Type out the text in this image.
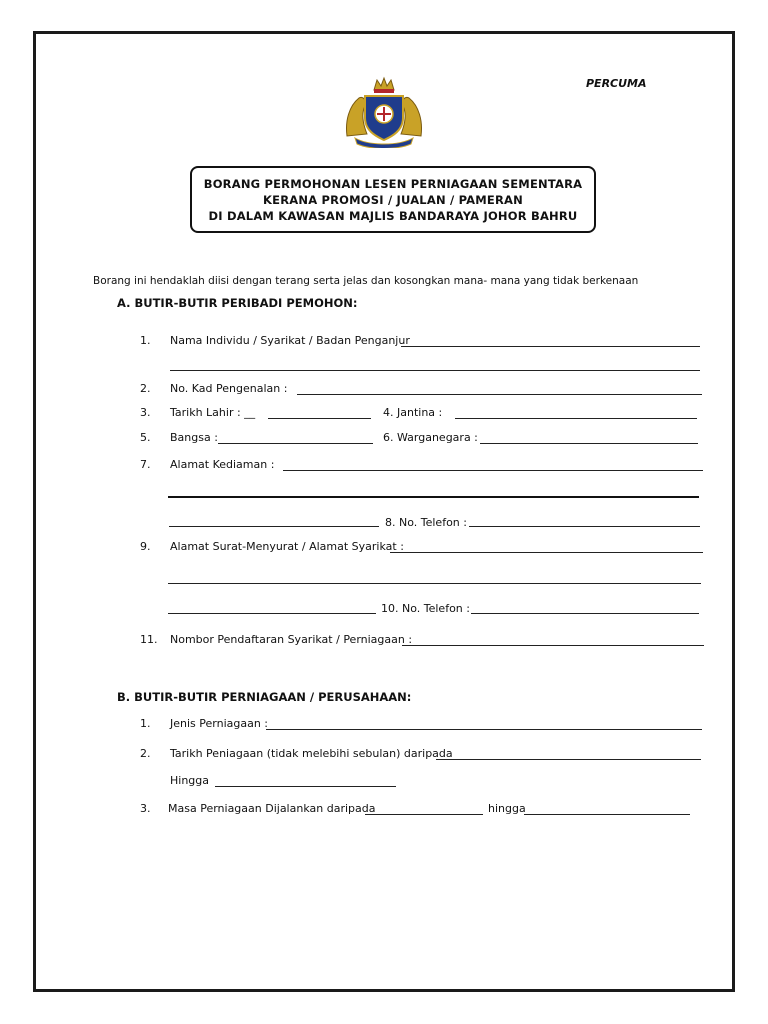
PERCUMA
BORANG PERMOHONAN LESEN PERNIAGAAN SEMENTARA
KERANA PROMOSI / JUALAN / PAMERAN
DI DALAM KAWASAN MAJLIS BANDARAYA JOHOR BAHRU
Borang ini hendaklah diisi dengan terang serta jelas dan kosongkan mana- mana yang tidak berkenaan
A. BUTIR-BUTIR PERIBADI PEMOHON:
1. Nama Individu / Syarikat / Badan Penganjur
2. No. Kad Pengenalan :
3. Tarikh Lahir : __	4. Jantina :
5. Bangsa :	6. Warganegara :
7. Alamat Kediaman :
8. No. Telefon :
9. Alamat Surat-Menyurat / Alamat Syarikat :
10. No. Telefon :
11. Nombor Pendaftaran Syarikat / Perniagaan :
B. BUTIR-BUTIR PERNIAGAAN / PERUSAHAAN:
1. Jenis Perniagaan :
2. Tarikh Peniagaan (tidak melebihi sebulan) daripada
Hingga
3. Masa Perniagaan Dijalankan daripada	hingga
